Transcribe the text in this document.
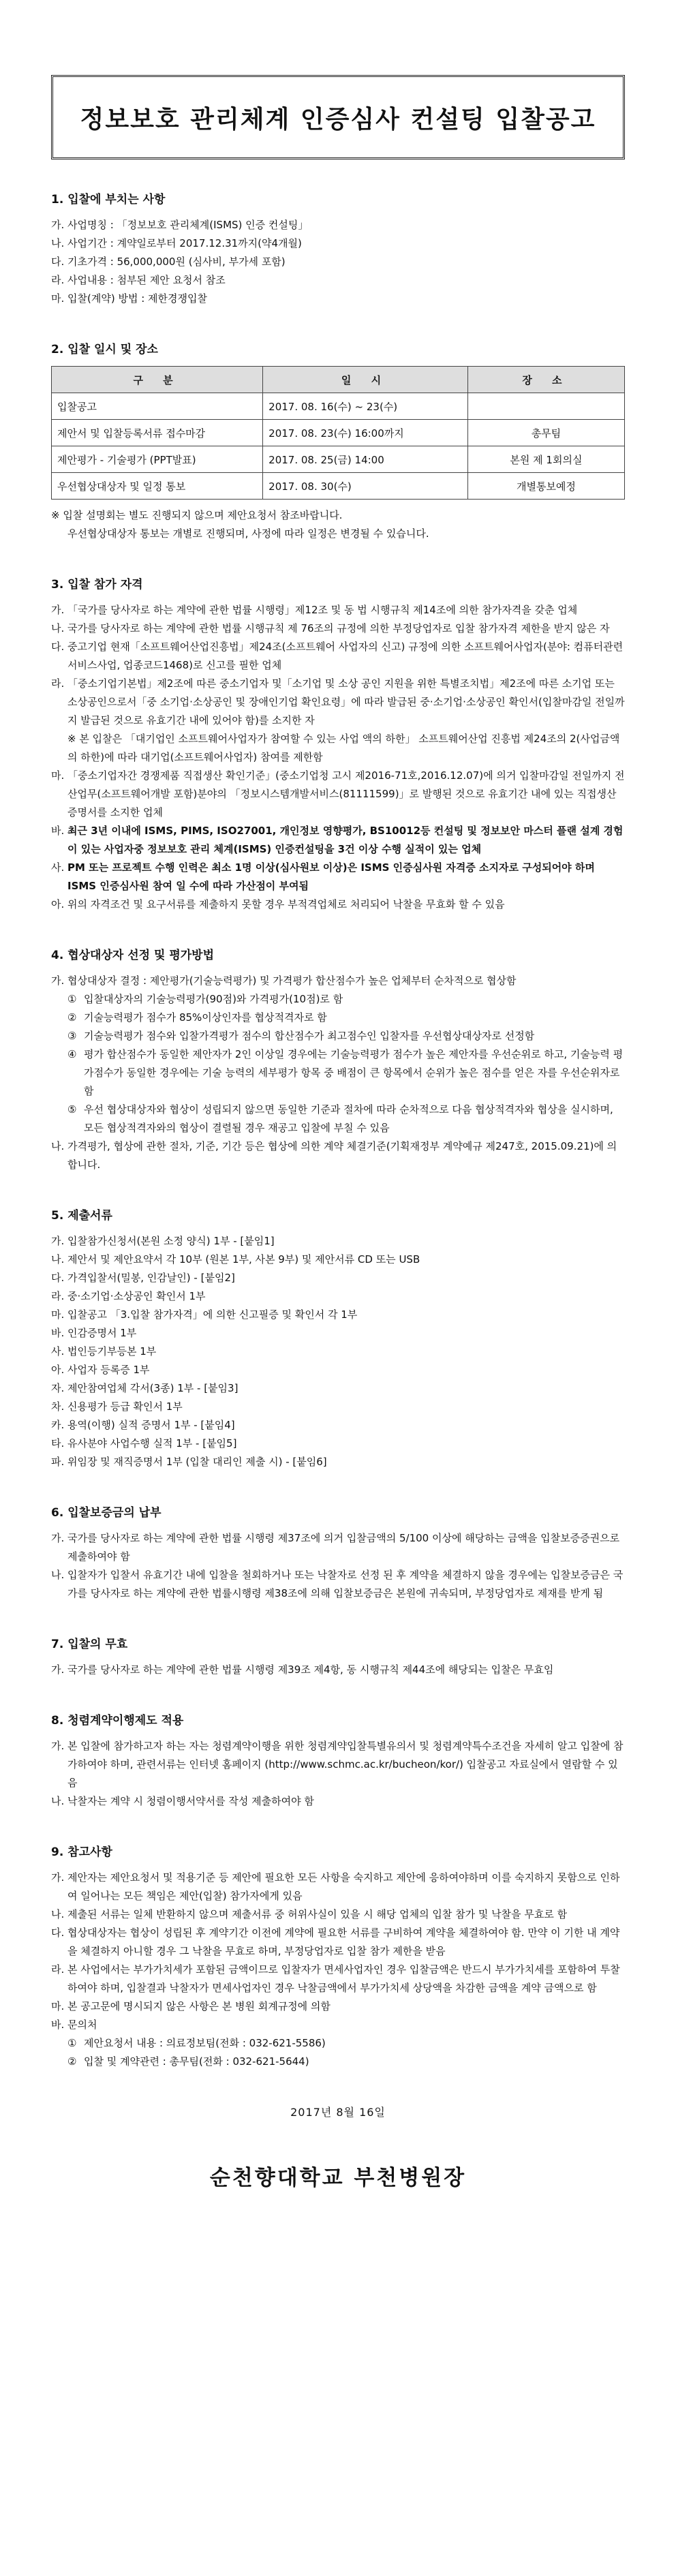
정보보호 관리체계 인증심사 컨설팅 입찰공고

1. 입찰에 부치는 사항

가. 사업명칭 : 「정보보호 관리체계(ISMS) 인증 컨설팅」

나. 사업기간 : 계약일로부터 2017.12.31까지(약4개월)

다. 기초가격 : 56,000,000원 (심사비, 부가세 포함)

라. 사업내용 : 첨부된 제안 요청서 참조

마. 입찰(계약) 방법 : 제한경쟁입찰

2. 입찰 일시 및 장소

구 분	일 시	장 소
입찰공고	2017. 08. 16(수) ~ 23(수)	
제안서 및 입찰등록서류 접수마감	2017. 08. 23(수) 16:00까지	총무팀
제안평가 - 기술평가 (PPT발표)	2017. 08. 25(금) 14:00	본원 제 1회의실
우선협상대상자 및 일정 통보	2017. 08. 30(수)	개별통보예정
※ 입찰 설명회는 별도 진행되지 않으며 제안요청서 참조바랍니다.
우선협상대상자 통보는 개별로 진행되며, 사정에 따라 일정은 변경될 수 있습니다.

3. 입찰 참가 자격

가. 「국가를 당사자로 하는 계약에 관한 법률 시행령」제12조 및 동 법 시행규칙 제14조에 의한 참가자격을 갖춘 업체
나. 국가를 당사자로 하는 계약에 관한 법률 시행규칙 제 76조의 규정에 의한 부정당업자로 입찰 참가자격 제한을 받지 않은 자
다. 중고기업 현재「소프트웨어산업진흥법」제24조(소프트웨어 사업자의 신고) 규정에 의한 소프트웨어사업자(분야: 컴퓨터관련서비스사업, 업종코드1468)로 신고를 필한 업체
라. 「중소기업기본법」제2조에 따른 중소기업자 및「소기업 및 소상 공인 지원을 위한 특별조치법」제2조에 따른 소기업 또는 소상공인으로서「중 소기업·소상공인 및 장애인기업 확인요령」에 따라 발급된 중·소기업·소상공인 확인서(입찰마감일 전일까지 발급된 것으로 유효기간 내에 있어야 함)를 소지한 자
※ 본 입찰은 「대기업인 소프트웨어사업자가 참여할 수 있는 사업 액의 하한」 소프트웨어산업 진흥법 제24조의 2(사업금액의 하한)에 따라 대기업(소프트웨어사업자) 참여를 제한함
마. 「중소기업자간 경쟁제품 직접생산 확인기준」(중소기업청 고시 제2016-71호,2016.12.07)에 의거 입찰마감일 전일까지 전산업무(소프트웨어개발 포함)분야의 「정보시스템개발서비스(81111599)」로 발행된 것으로 유효기간 내에 있는 직접생산증명서를 소지한 업체
바. 최근 3년 이내에 ISMS, PIMS, ISO27001, 개인정보 영향평가, BS10012등 컨설팅 및 정보보안 마스터 플랜 설계 경험이 있는 사업자중 정보보호 관리 체계(ISMS) 인증컨설팅을 3건 이상 수행 실적이 있는 업체
사. PM 또는 프로젝트 수행 인력은 최소 1명 이상(심사원보 이상)은 ISMS 인증심사원 자격증 소지자로 구성되어야 하며 ISMS 인증심사원 참여 일 수에 따라 가산점이 부여됨
아. 위의 자격조건 및 요구서류를 제출하지 못할 경우 부적격업체로 처리되어 낙찰을 무효화 할 수 있음

4. 협상대상자 선정 및 평가방법

가. 협상대상자 결정 : 제안평가(기술능력평가) 및 가격평가 합산점수가 높은 업체부터 순차적으로 협상함
① 입찰대상자의 기술능력평가(90점)와 가격평가(10점)로 함
② 기술능력평가 점수가 85%이상인자를 협상적격자로 함
③ 기술능력평가 점수와 입찰가격평가 점수의 합산점수가 최고점수인 입찰자를 우선협상대상자로 선정함
④ 평가 합산점수가 동일한 제안자가 2인 이상일 경우에는 기술능력평가 점수가 높은 제안자를 우선순위로 하고, 기술능력 평가점수가 동일한 경우에는 기술 능력의 세부평가 항목 중 배점이 큰 항목에서 순위가 높은 점수를 얻은 자를 우선순위자로 함
⑤ 우선 협상대상자와 협상이 성립되지 않으면 동일한 기준과 절차에 따라 순차적으로 다음 협상적격자와 협상을 실시하며, 모든 협상적격자와의 협상이 결렬될 경우 재공고 입찰에 부칠 수 있음
나. 가격평가, 협상에 관한 절차, 기준, 기간 등은 협상에 의한 계약 체결기준(기획재정부 계약예규 제247호, 2015.09.21)에 의합니다.

5. 제출서류

가. 입찰참가신청서(본원 소정 양식) 1부 - [붙임1]

나. 제안서 및 제안요약서 각 10부 (원본 1부, 사본 9부) 및 제안서류 CD 또는 USB

다. 가격입찰서(밀봉, 인감날인) - [붙임2]

라. 중·소기업·소상공인 확인서 1부

마. 입찰공고 「3.입찰 참가자격」에 의한 신고필증 및 확인서 각 1부

바. 인감증명서 1부

사. 법인등기부등본 1부

아. 사업자 등록증 1부

자. 제안참여업체 각서(3종) 1부 - [붙임3]

차. 신용평가 등급 확인서 1부

카. 용역(이행) 실적 증명서 1부 - [붙임4]

타. 유사분야 사업수행 실적 1부 - [붙임5]

파. 위임장 및 재직증명서 1부 (입찰 대리인 제출 시) - [붙임6]

6. 입찰보증금의 납부

가. 국가를 당사자로 하는 계약에 관한 법률 시행령 제37조에 의거 입찰금액의 5/100 이상에 해당하는 금액을 입찰보증증권으로 제출하여야 함
나. 입찰자가 입찰서 유효기간 내에 입찰을 철회하거나 또는 낙찰자로 선정 된 후 계약을 체결하지 않을 경우에는 입찰보증금은 국가를 당사자로 하는 계약에 관한 법률시행령 제38조에 의해 입찰보증금은 본원에 귀속되며, 부정당업자로 제재를 받게 됨

7. 입찰의 무효

가. 국가를 당사자로 하는 계약에 관한 법률 시행령 제39조 제4항, 동 시행규칙 제44조에 해당되는 입찰은 무효임

8. 청렴계약이행제도 적용

가. 본 입찰에 참가하고자 하는 자는 청렴계약이행을 위한 청렴계약입찰특별유의서 및 청렴계약특수조건을 자세히 알고 입찰에 참가하여야 하며, 관련서류는 인터넷 홈페이지 (http://www.schmc.ac.kr/bucheon/kor/) 입찰공고 자료실에서 열람할 수 있음
나. 낙찰자는 계약 시 청렴이행서약서를 작성 제출하여야 함

9. 참고사항

가. 제안자는 제안요청서 및 적용기준 등 제안에 필요한 모든 사항을 숙지하고 제안에 응하여야하며 이를 숙지하지 못함으로 인하여 일어나는 모든 책임은 제안(입찰) 참가자에게 있음
나. 제출된 서류는 일체 반환하지 않으며 제출서류 중 허위사실이 있을 시 해당 업체의 입찰 참가 및 낙찰을 무효로 함
다. 협상대상자는 협상이 성립된 후 계약기간 이전에 계약에 필요한 서류를 구비하여 계약을 체결하여야 함. 만약 이 기한 내 계약을 체결하지 아니할 경우 그 낙찰을 무효로 하며, 부정당업자로 입찰 참가 제한을 받음
라. 본 사업에서는 부가가치세가 포함된 금액이므로 입찰자가 면세사업자인 경우 입찰금액은 반드시 부가가치세를 포함하여 투찰하여야 하며, 입찰결과 낙찰자가 면세사업자인 경우 낙찰금액에서 부가가치세 상당액을 차감한 금액을 계약 금액으로 함
마. 본 공고문에 명시되지 않은 사항은 본 병원 회계규정에 의함
바. 문의처
① 제안요청서 내용 : 의료정보팀(전화 : 032-621-5586)
② 입찰 및 계약관련 : 총무팀(전화 : 032-621-5644)
2017년 8월 16일
순천향대학교 부천병원장
